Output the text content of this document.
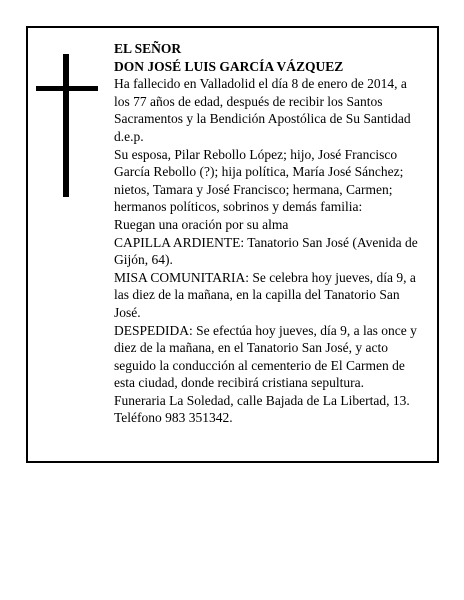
EL SEÑOR

DON JOSÉ LUIS GARCÍA VÁZQUEZ

Ha fallecido en Valladolid el día 8 de enero de 2014, a los 77 años de edad, después de recibir los Santos Sacramentos y la Bendición Apostólica de Su Santidad d.e.p.

Su esposa, Pilar Rebollo López; hijo, José Francisco García Rebollo (?); hija política, María José Sánchez; nietos, Tamara y José Francisco; hermana, Carmen; hermanos políticos, sobrinos y demás familia:

Ruegan una oración por su alma

CAPILLA ARDIENTE: Tanatorio San José (Avenida de Gijón, 64).

MISA COMUNITARIA: Se celebra hoy jueves, día 9, a las diez de la mañana, en la capilla del Tanatorio San José.

DESPEDIDA: Se efectúa hoy jueves, día 9, a las once y diez de la mañana, en el Tanatorio San José, y acto seguido la conducción al cementerio de El Carmen de esta ciudad, donde recibirá cristiana sepultura.

Funeraria La Soledad, calle Bajada de La Libertad, 13. Teléfono 983 351342.
